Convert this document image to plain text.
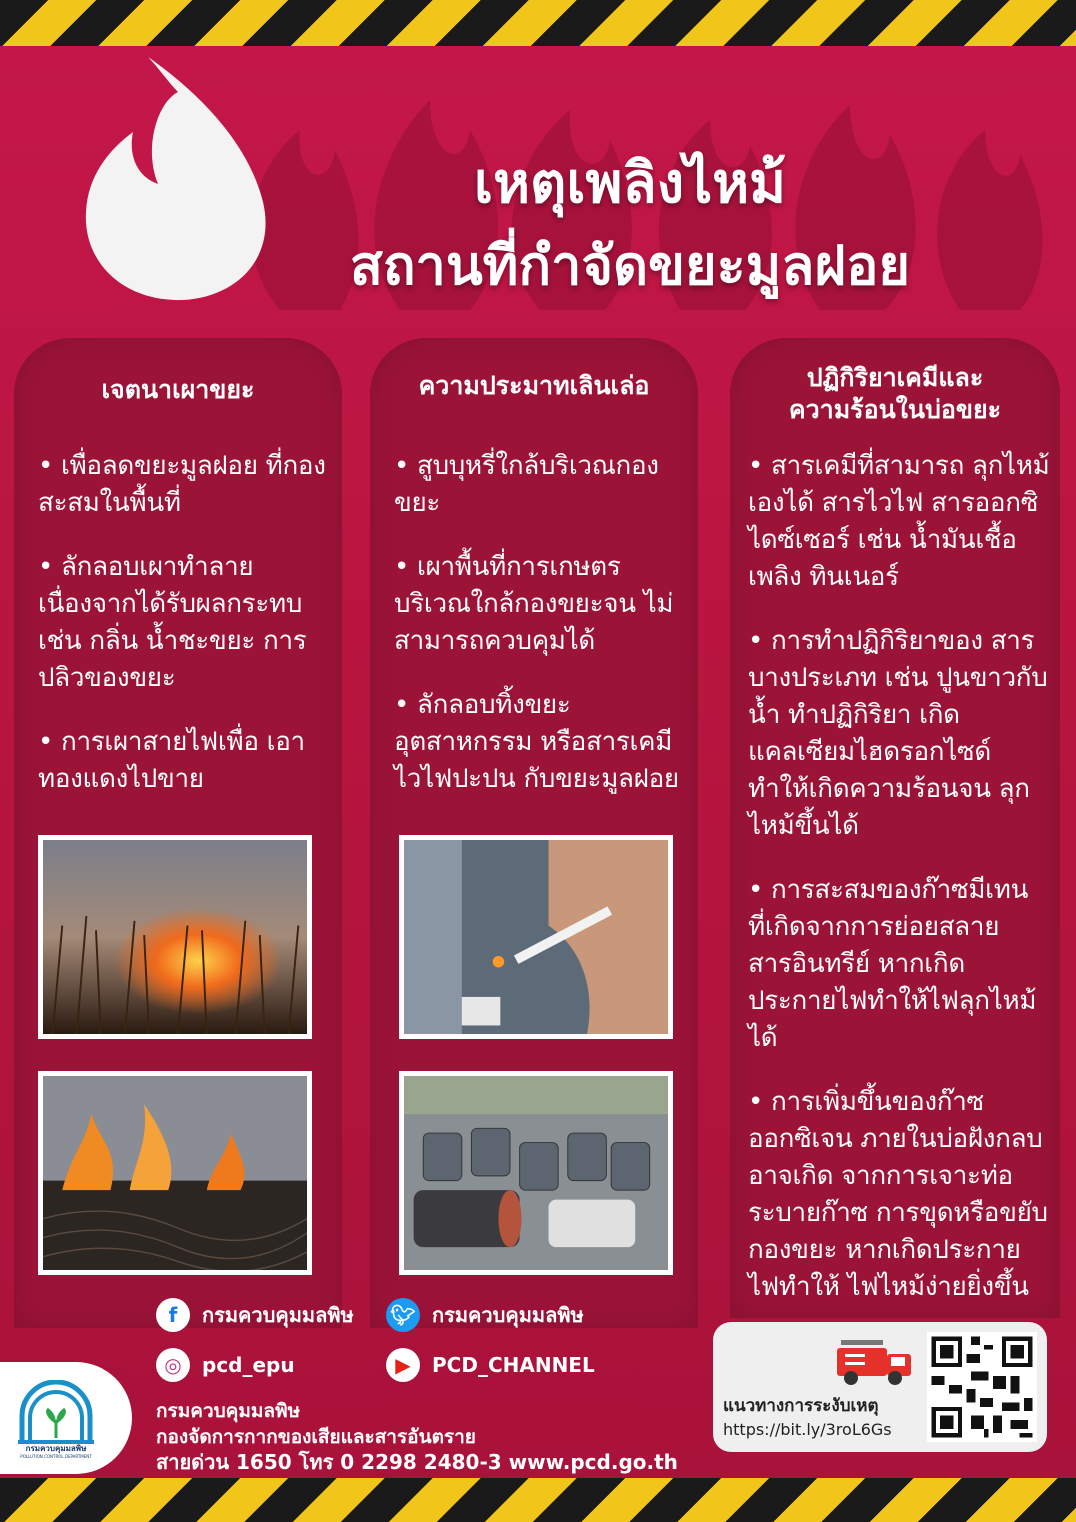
เหตุเพลิงไหม้
สถานที่กำจัดขยะมูลฝอย
เจตนาเผาขยะ
• เพื่อลดขยะมูลฝอย ที่กองสะสมในพื้นที่
• ลักลอบเผาทำลาย เนื่องจากได้รับผลกระทบ เช่น กลิ่น น้ำชะขยะ การปลิวของขยะ
• การเผาสายไฟเพื่อ เอาทองแดงไปขาย
ความประมาทเลินเล่อ
• สูบบุหรี่ใกล้บริเวณกองขยะ
• เผาพื้นที่การเกษตร บริเวณใกล้กองขยะจน ไม่สามารถควบคุมได้
• ลักลอบทิ้งขยะอุตสาหกรรม หรือสารเคมีไวไฟปะปน กับขยะมูลฝอย
ปฏิกิริยาเคมีและ
ความร้อนในบ่อขยะ
• สารเคมีที่สามารถ ลุกไหม้เองได้ สารไวไฟ สารออกซิไดซ์เซอร์ เช่น น้ำมันเชื้อเพลิง ทินเนอร์
• การทำปฏิกิริยาของ สารบางประเภท เช่น ปูนขาวกับน้ำ ทำปฏิกิริยา เกิดแคลเซียมไฮดรอกไซด์ ทำให้เกิดความร้อนจน ลุกไหม้ขึ้นได้
• การสะสมของก๊าซมีเทน ที่เกิดจากการย่อยสลาย สารอินทรีย์ หากเกิด ประกายไฟทำให้ไฟลุกไหม้ได้
• การเพิ่มขึ้นของก๊าซออกซิเจน ภายในบ่อฝังกลบ อาจเกิด จากการเจาะท่อระบายก๊าซ การขุดหรือขยับกองขยะ หากเกิดประกายไฟทำให้ ไฟไหม้ง่ายยิ่งขึ้น
f	กรมควบคุมมลพิษ 🐦︎ กรมควบคุมมลพิษ
◎	pcd_epu	▶	PCD_CHANNEL
กรมควบคุมมลพิษ
POLLUTION CONTROL DEPARTMENT
กรมควบคุมมลพิษ
กองจัดการกากของเสียและสารอันตราย
สายด่วน 1650 โทร 0 2298 2480-3 www.pcd.go.th
แนวทางการระงับเหตุ
https://bit.ly/3roL6Gs
